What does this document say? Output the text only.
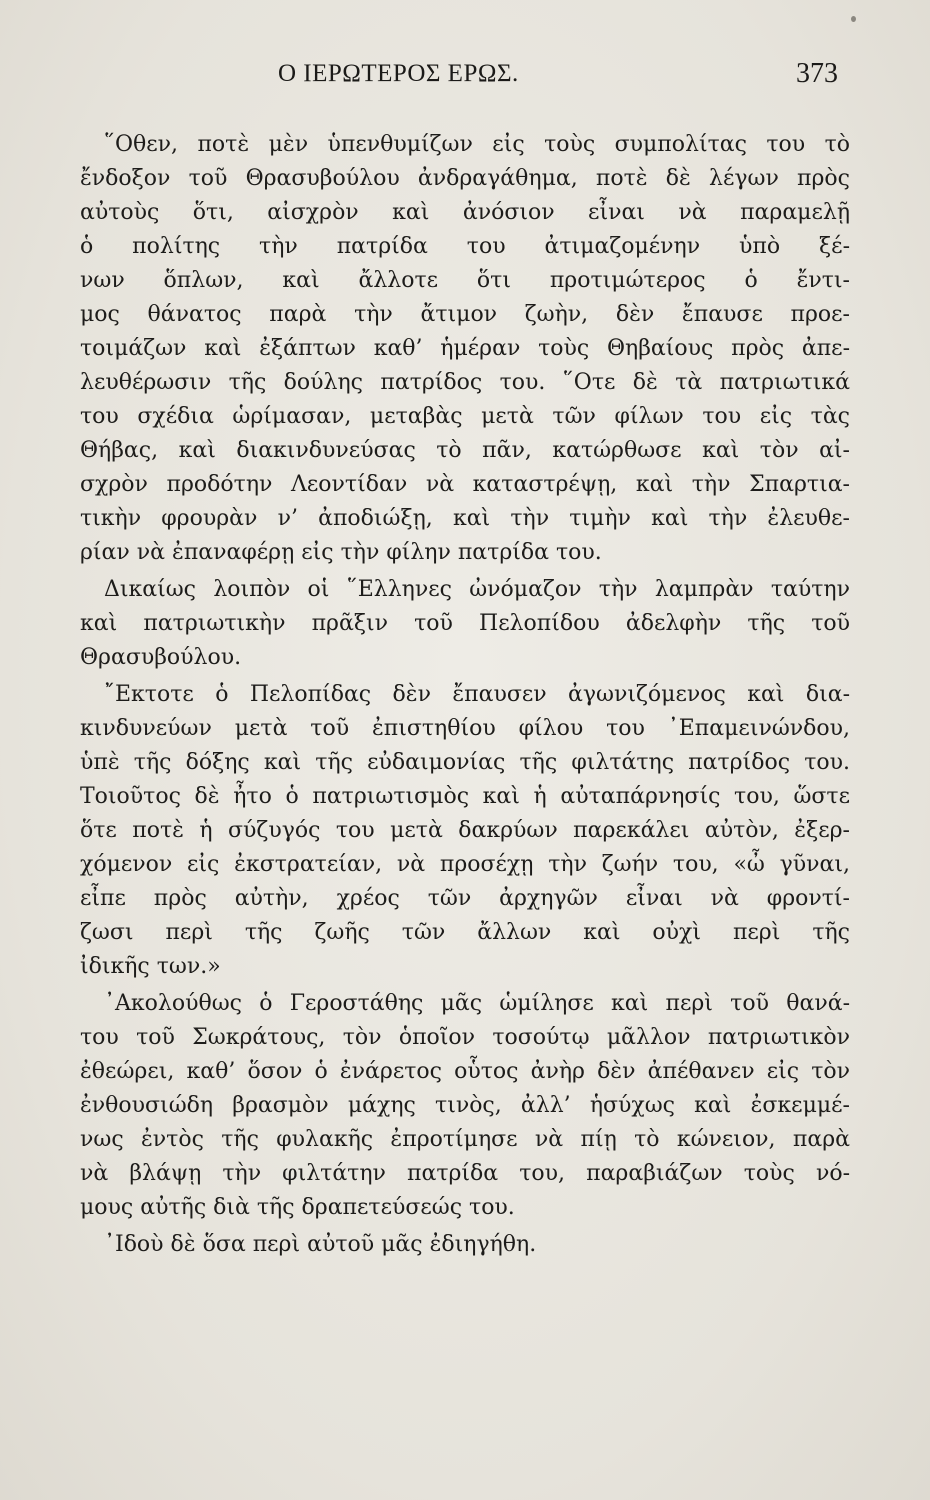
Ο ΙΕΡΩΤΕΡΟΣ ΕΡΩΣ.	373
῞Οθεν, ποτὲ μὲν ὑπενθυμίζων εἰς τοὺς συμπολίτας του τὸ
ἔνδοξον τοῦ Θρασυβούλου ἀνδραγάθημα, ποτὲ δὲ λέγων πρὸς
αὐτοὺς ὅτι, αἰσχρὸν καὶ ἀνόσιον εἶναι νὰ παραμελῇ
ὁ πολίτης τὴν πατρίδα του ἀτιμαζομένην ὑπὸ ξέ-
νων ὅπλων, καὶ ἄλλοτε ὅτι προτιμώτερος ὁ ἔντι-
μος θάνατος παρὰ τὴν ἄτιμον ζωὴν, δὲν ἔπαυσε προε-
τοιμάζων καὶ ἐξάπτων καθ’ ἡμέραν τοὺς Θηβαίους πρὸς ἀπε-
λευθέρωσιν τῆς δούλης πατρίδος του. ῞Οτε δὲ τὰ πατριωτικά
του σχέδια ὡρίμασαν, μεταβὰς μετὰ τῶν φίλων του εἰς τὰς
Θήβας, καὶ διακινδυνεύσας τὸ πᾶν, κατώρθωσε καὶ τὸν αἰ-
σχρὸν προδότην Λεοντίδαν νὰ καταστρέψῃ, καὶ τὴν Σπαρτια-
τικὴν φρουρὰν ν’ ἀποδιώξῃ, καὶ τὴν τιμὴν καὶ τὴν ἐλευθε-
ρίαν νὰ ἐπαναφέρῃ εἰς τὴν φίλην πατρίδα του.
Δικαίως λοιπὸν οἱ ῞Ελληνες ὠνόμαζον τὴν λαμπρὰν ταύτην
καὶ πατριωτικὴν πρᾶξιν τοῦ Πελοπίδου ἀδελφὴν τῆς τοῦ
Θρασυβούλου.
῎Εκτοτε ὁ Πελοπίδας δὲν ἔπαυσεν ἀγωνιζόμενος καὶ δια-
κινδυνεύων μετὰ τοῦ ἐπιστηθίου φίλου του ᾿Επαμεινώνδου,
ὑπὲ τῆς δόξης καὶ τῆς εὐδαιμονίας τῆς φιλτάτης πατρίδος του.
Τοιοῦτος δὲ ἦτο ὁ πατριωτισμὸς καὶ ἡ αὐταπάρνησίς του, ὥστε
ὅτε ποτὲ ἡ σύζυγός του μετὰ δακρύων παρεκάλει αὐτὸν, ἐξερ-
χόμενον εἰς ἐκστρατείαν, νὰ προσέχῃ τὴν ζωήν του, «ὦ γῦναι,
εἶπε πρὸς αὐτὴν, χρέος τῶν ἀρχηγῶν εἶναι νὰ φροντί-
ζωσι περὶ τῆς ζωῆς τῶν ἄλλων καὶ οὐχὶ περὶ τῆς
ἰδικῆς των.»
᾿Ακολούθως ὁ Γεροστάθης μᾶς ὡμίλησε καὶ περὶ τοῦ θανά-
του τοῦ Σωκράτους, τὸν ὁποῖον τοσούτῳ μᾶλλον πατριωτικὸν
ἐθεώρει, καθ’ ὅσον ὁ ἐνάρετος οὗτος ἀνὴρ δὲν ἀπέθανεν εἰς τὸν
ἐνθουσιώδη βρασμὸν μάχης τινὸς, ἀλλ’ ἡσύχως καὶ ἐσκεμμέ-
νως ἐντὸς τῆς φυλακῆς ἐπροτίμησε νὰ πίῃ τὸ κώνειον, παρὰ
νὰ βλάψῃ τὴν φιλτάτην πατρίδα του, παραβιάζων τοὺς νό-
μους αὐτῆς διὰ τῆς δραπετεύσεώς του.
᾿Ιδοὺ δὲ ὅσα περὶ αὐτοῦ μᾶς ἐδιηγήθη.
